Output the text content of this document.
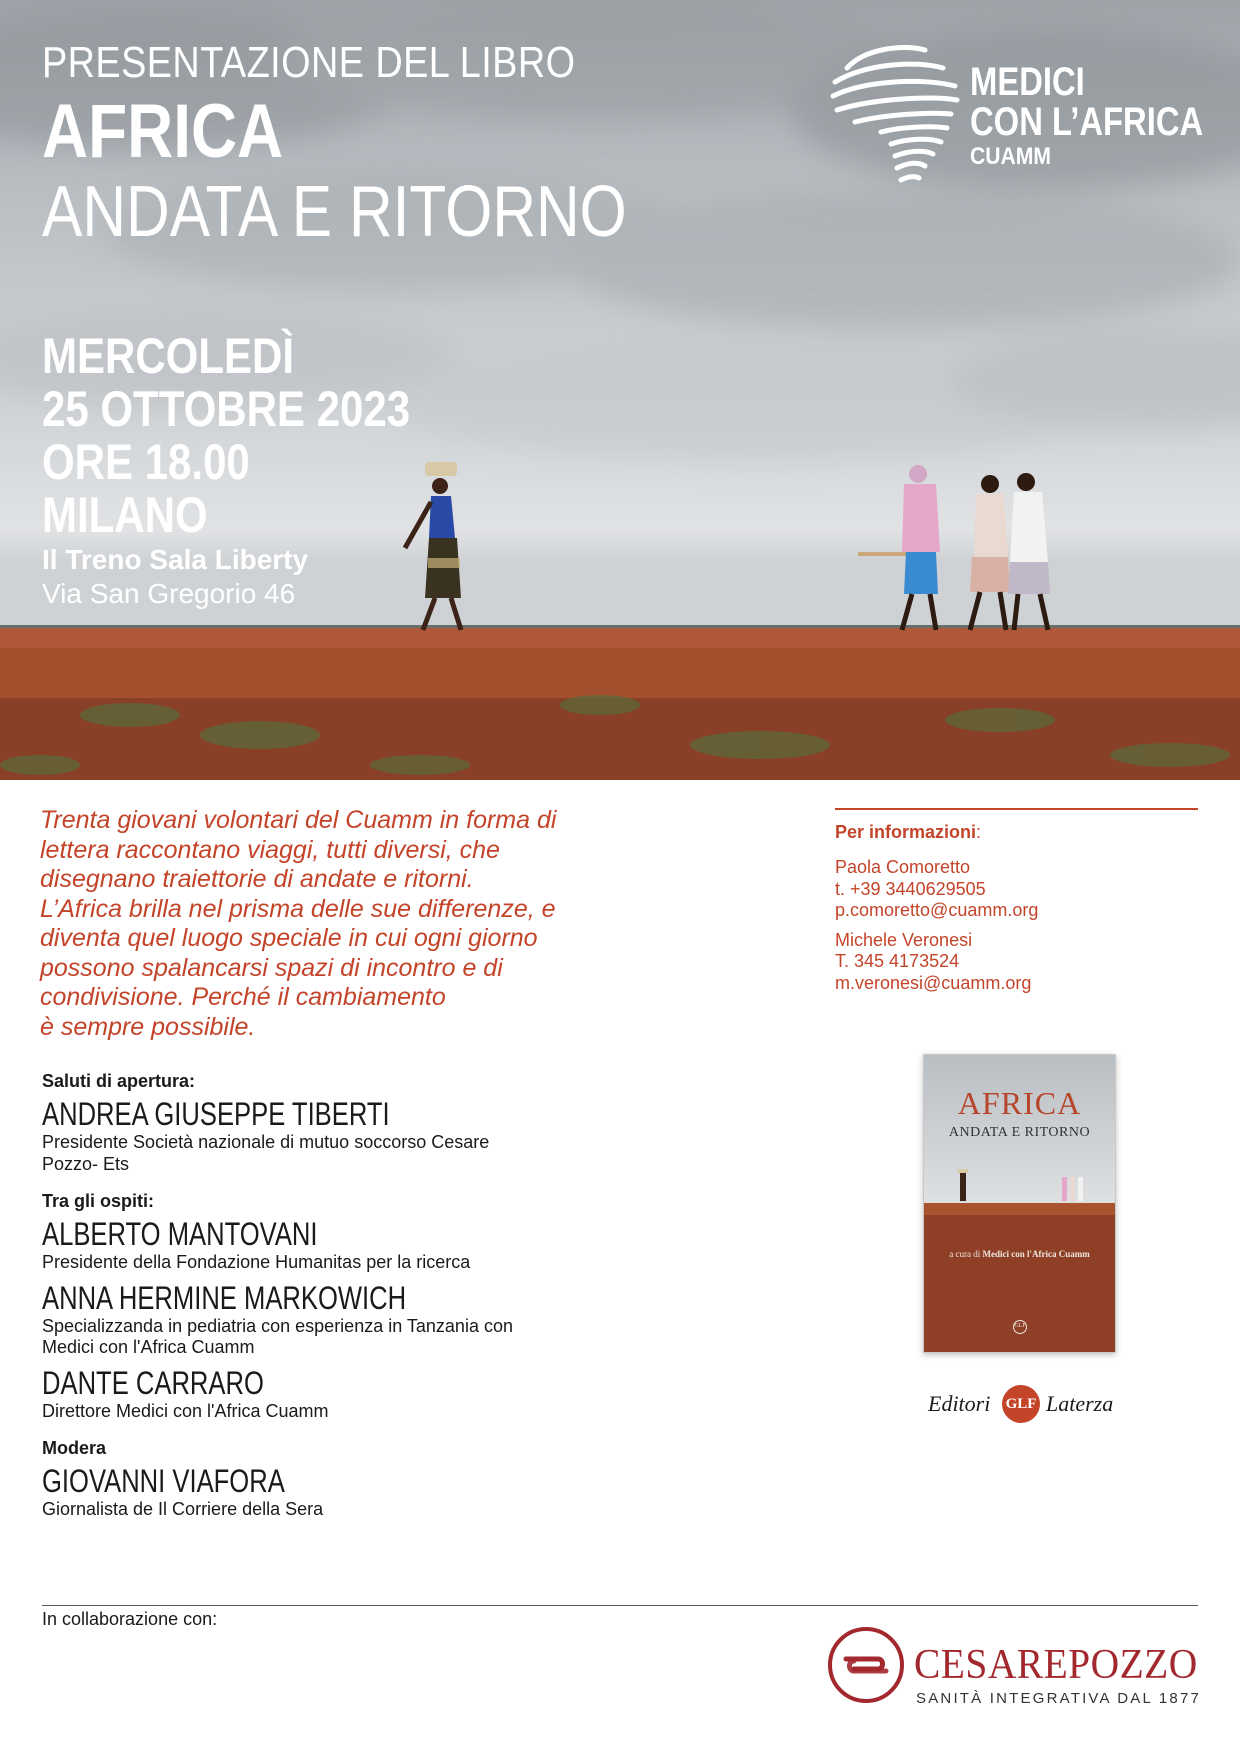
PRESENTAZIONE DEL LIBRO
AFRICA
ANDATA E RITORNO
MERCOLEDÌ
25 OTTOBRE 2023
ORE 18.00
MILANO
Il Treno Sala Liberty
Via San Gregorio 46
MEDICI
CON L’AFRICA
CUAMM
Trenta giovani volontari del Cuamm in forma di
lettera raccontano viaggi, tutti diversi, che
disegnano traiettorie di andate e ritorni.
L’Africa brilla nel prisma delle sue differenze, e
diventa quel luogo speciale in cui ogni giorno
possono spalancarsi spazi di incontro e di
condivisione. Perché il cambiamento
è sempre possibile.
Per informazioni:
Paola Comoretto
t. +39 3440629505
p.comoretto@cuamm.org
Michele Veronesi
T. 345 4173524
m.veronesi@cuamm.org
AFRICA
ANDATA E RITORNO
a cura di Medici con l'Africa Cuamm
GLF
Editori GLF Laterza
Saluti di apertura:
ANDREA GIUSEPPE TIBERTI
Presidente Società nazionale di mutuo soccorso Cesare
Pozzo- Ets
Tra gli ospiti:
ALBERTO MANTOVANI
Presidente della Fondazione Humanitas per la ricerca
ANNA HERMINE MARKOWICH
Specializzanda in pediatria con esperienza in Tanzania con
Medici con l'Africa Cuamm
DANTE CARRARO
Direttore Medici con l'Africa Cuamm
Modera
GIOVANNI VIAFORA
Giornalista de Il Corriere della Sera
In collaborazione con:
CESAREPOZZO
SANITÀ INTEGRATIVA DAL 1877
